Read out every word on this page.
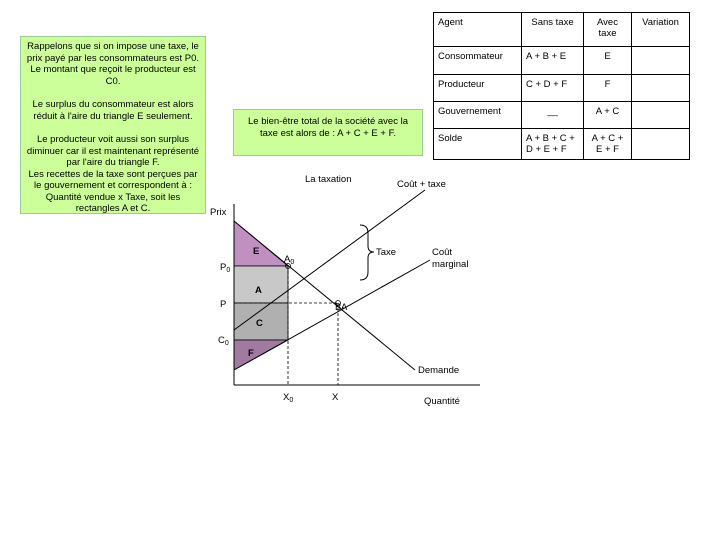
Rappelons que si on impose une taxe, le prix payé par les consommateurs est P0. Le montant que reçoit le producteur est C0.

Le surplus du consommateur est alors réduit à l'aire du triangle E seulement.

Le producteur voit aussi son surplus diminuer car il est maintenant représenté par l'aire du triangle F.

Les recettes de la taxe sont perçues par le gouvernement et correspondent à : Quantité vendue x Taxe, soit les rectangles A et C.

Le bien-être total de la société avec la taxe est alors de : A + C + E + F.

Agent	Sans taxe	Avec taxe	Variation
Consommateur	A + B + E	E	
Producteur	C + D + F	F	
Gouvernement	__	A + C	
Solde	A + B + C + D + E + F	A + C + E + F	
La taxation	Coût + taxe
Prix
Taxe	Coût
marginal
$P_0$
P
$C_0$
$A_0$
A
E
A
C
F
B
Demande
$X_0$	X	Quantité
